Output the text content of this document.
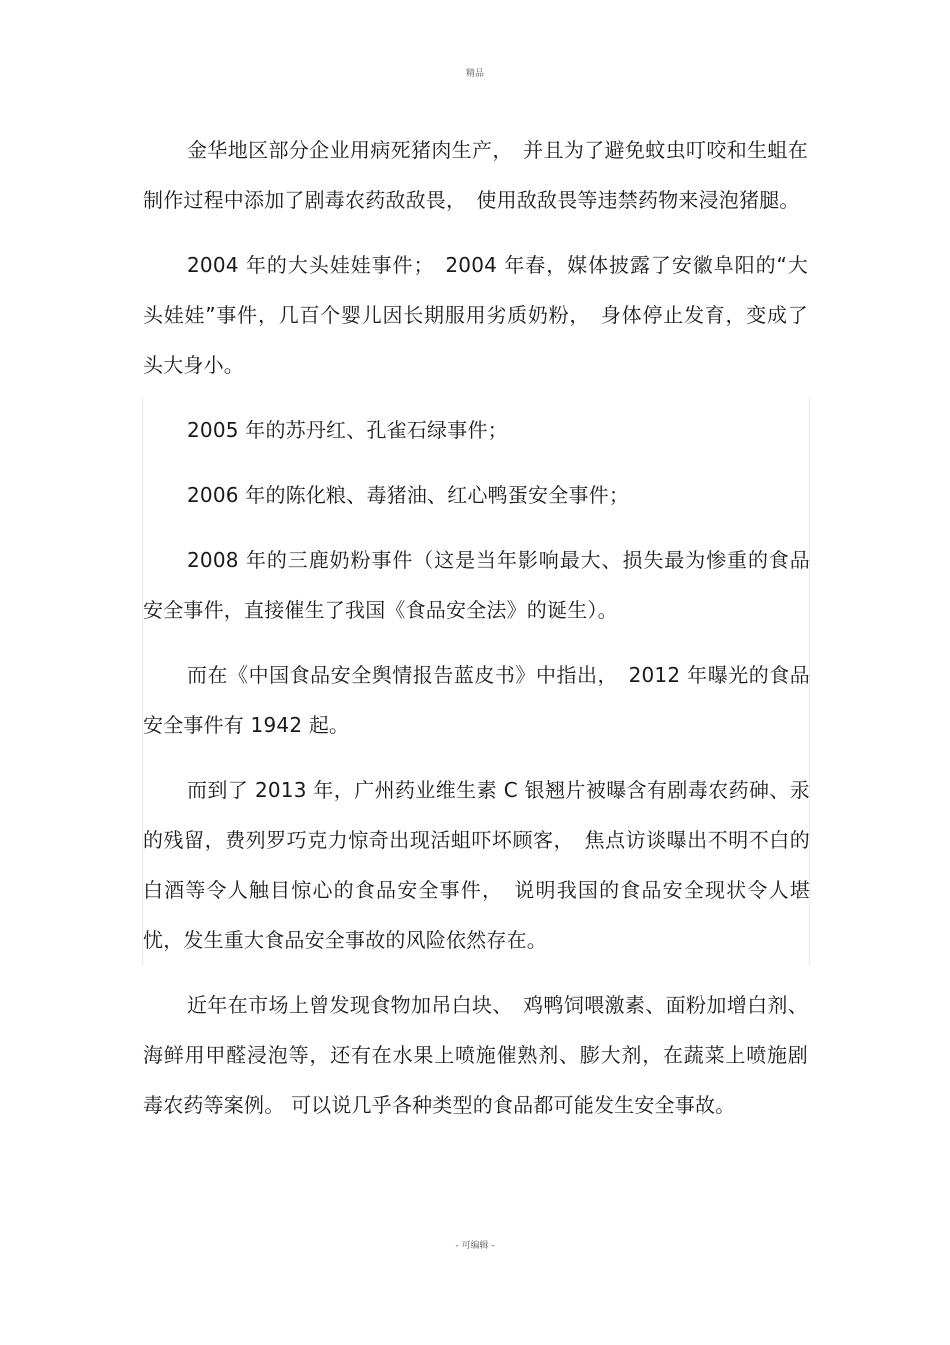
精品

金华地区部分企业用病死猪肉生产，　并且为了避免蚊虫叮咬和生蛆在制作过程中添加了剧毒农药敌敌畏，　使用敌敌畏等违禁药物来浸泡猪腿。

2004 年的大头娃娃事件；　2004 年春，媒体披露了安徽阜阳的“大头娃娃”事件，几百个婴儿因长期服用劣质奶粉，　身体停止发育，变成了头大身小。

2005 年的苏丹红、孔雀石绿事件；

2006 年的陈化粮、毒猪油、红心鸭蛋安全事件；

2008 年的三鹿奶粉事件（这是当年影响最大、损失最为惨重的食品安全事件，直接催生了我国《食品安全法》的诞生）。

而在《中国食品安全舆情报告蓝皮书》中指出，　2012 年曝光的食品安全事件有 1942 起。

而到了 2013 年，广州药业维生素 C 银翘片被曝含有剧毒农药砷、汞的残留，费列罗巧克力惊奇出现活蛆吓坏顾客，　焦点访谈曝出不明不白的白酒等令人触目惊心的食品安全事件，　说明我国的食品安全现状令人堪忧，发生重大食品安全事故的风险依然存在。

近年在市场上曾发现食物加吊白块、　鸡鸭饲喂激素、面粉加增白剂、海鲜用甲醛浸泡等，还有在水果上喷施催熟剂、膨大剂，在蔬菜上喷施剧毒农药等案例。 可以说几乎各种类型的食品都可能发生安全事故。

- 可编辑 -
